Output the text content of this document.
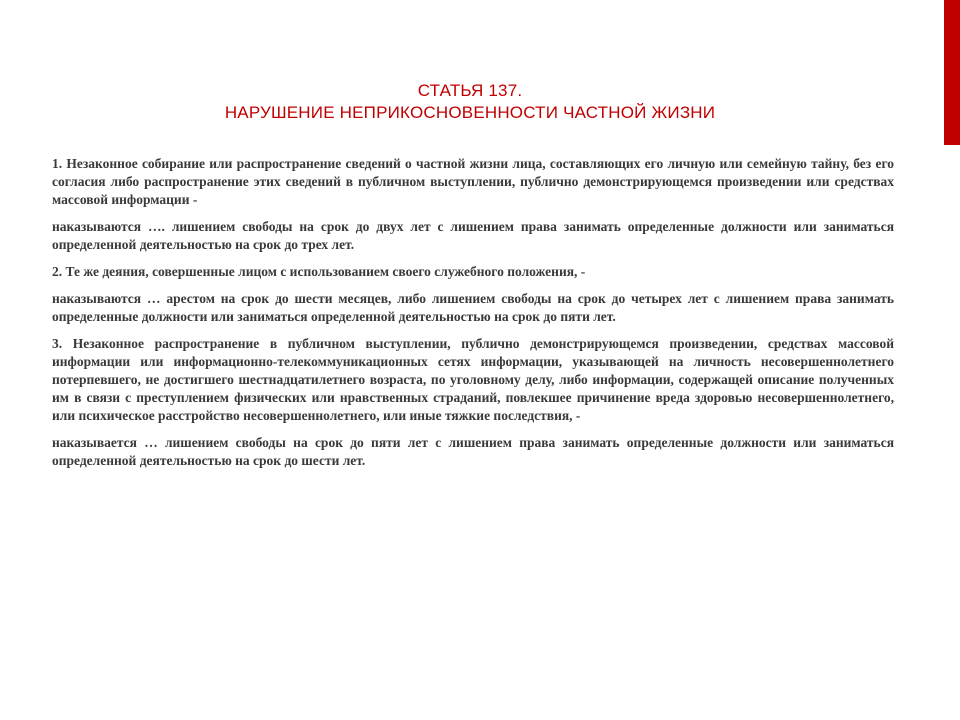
СТАТЬЯ 137.
НАРУШЕНИЕ НЕПРИКОСНОВЕННОСТИ ЧАСТНОЙ ЖИЗНИ

1. Незаконное собирание или распространение сведений о частной жизни лица, составляющих его личную или семейную тайну, без его согласия либо распространение этих сведений в публичном выступлении, публично демонстрирующемся произведении или средствах массовой информации -

наказываются …. лишением свободы на срок до двух лет с лишением права занимать определенные должности или заниматься определенной деятельностью на срок до трех лет.

2. Те же деяния, совершенные лицом с использованием своего служебного положения, -

наказываются … арестом на срок до шести месяцев, либо лишением свободы на срок до четырех лет с лишением права занимать определенные должности или заниматься определенной деятельностью на срок до пяти лет.

3. Незаконное распространение в публичном выступлении, публично демонстрирующемся произведении, средствах массовой информации или информационно-телекоммуникационных сетях информации, указывающей на личность несовершеннолетнего потерпевшего, не достигшего шестнадцатилетнего возраста, по уголовному делу, либо информации, содержащей описание полученных им в связи с преступлением физических или нравственных страданий, повлекшее причинение вреда здоровью несовершеннолетнего, или психическое расстройство несовершеннолетнего, или иные тяжкие последствия, -

наказывается … лишением свободы на срок до пяти лет с лишением права занимать определенные должности или заниматься определенной деятельностью на срок до шести лет.
